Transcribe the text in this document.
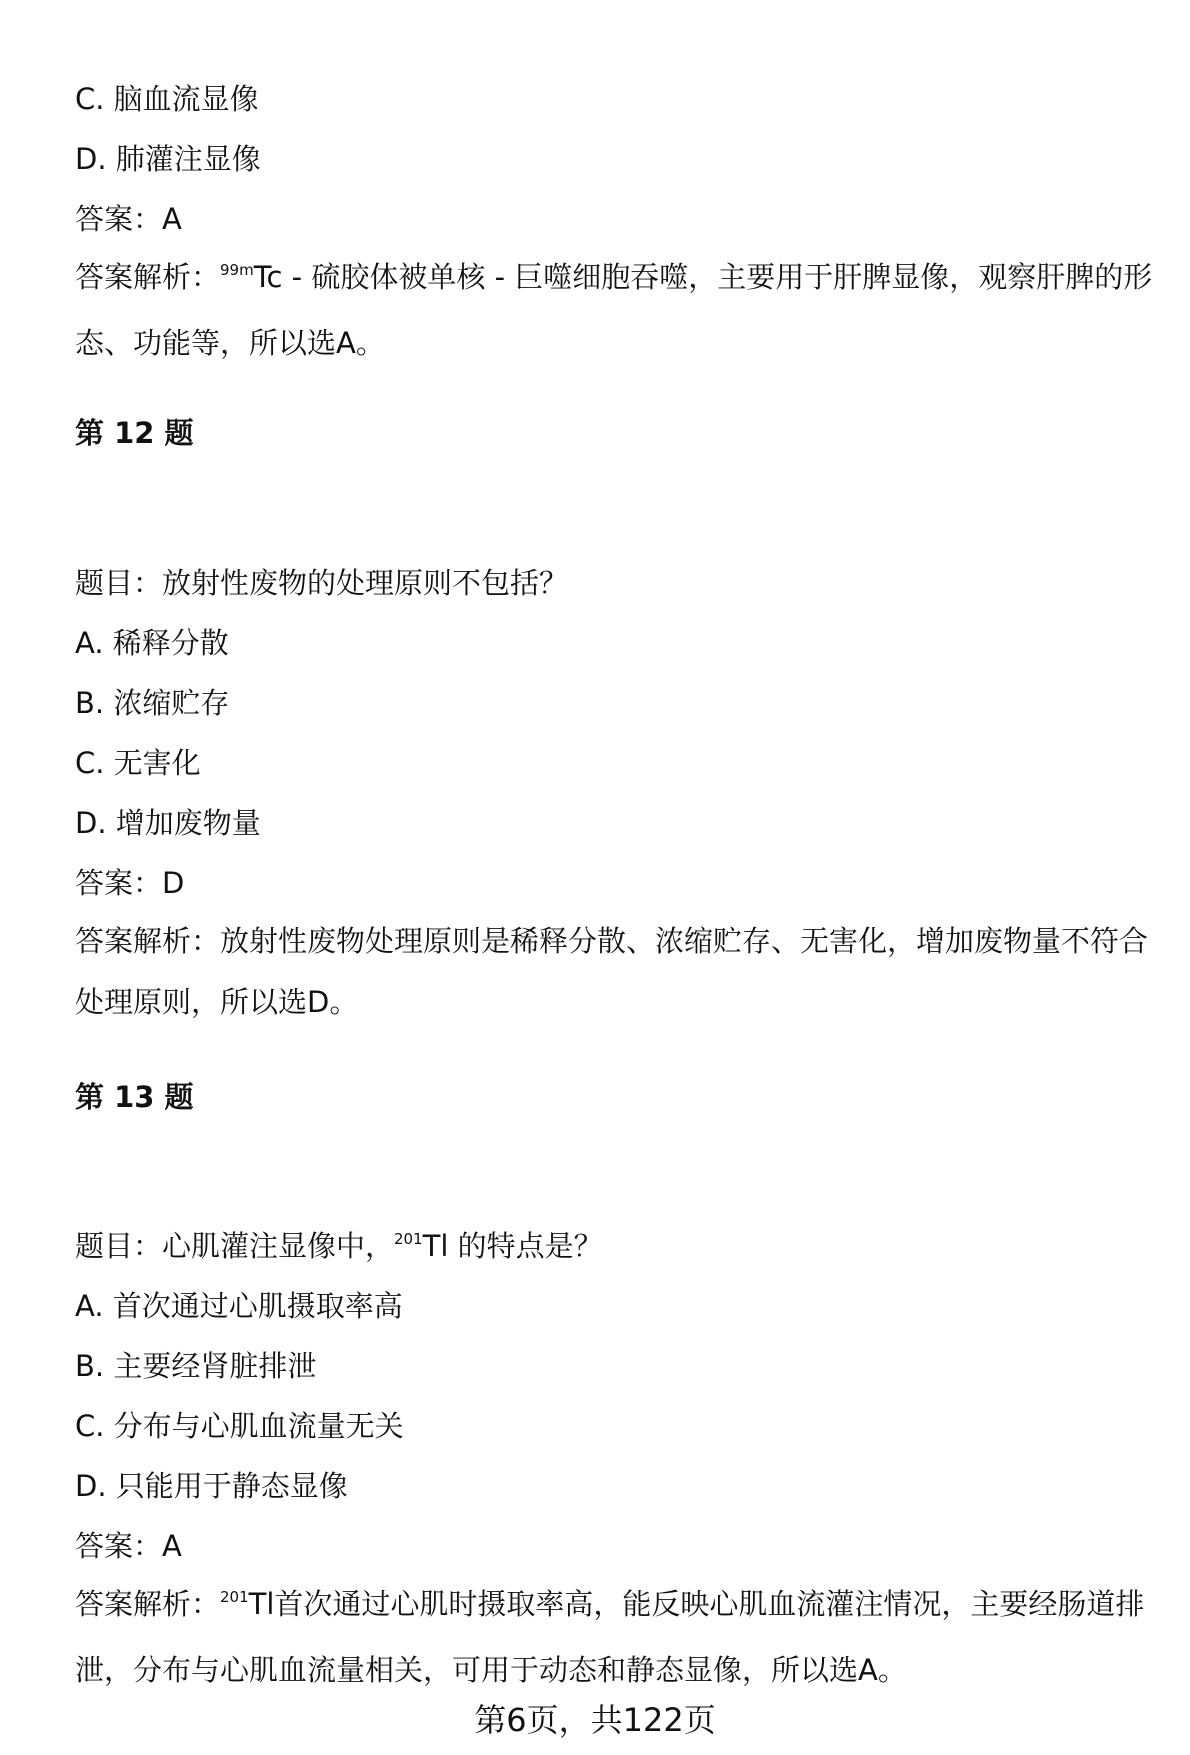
C. 脑血流显像
D. 肺灌注显像
答案：A
答案解析：$^{99m}$Tc - 硫胶体被单核 - 巨噬细胞吞噬，主要用于肝脾显像，观察肝脾的形态、功能等，所以选A。
第 12 题
题目：放射性废物的处理原则不包括？
A. 稀释分散
B. 浓缩贮存
C. 无害化
D. 增加废物量
答案：D
答案解析：放射性废物处理原则是稀释分散、浓缩贮存、无害化，增加废物量不符合处理原则，所以选D。
第 13 题
题目：心肌灌注显像中，$^{201}$Tl 的特点是？
A. 首次通过心肌摄取率高
B. 主要经肾脏排泄
C. 分布与心肌血流量无关
D. 只能用于静态显像
答案：A
答案解析：$^{201}$Tl首次通过心肌时摄取率高，能反映心肌血流灌注情况，主要经肠道排泄，分布与心肌血流量相关，可用于动态和静态显像，所以选A。
第6页，共122页
